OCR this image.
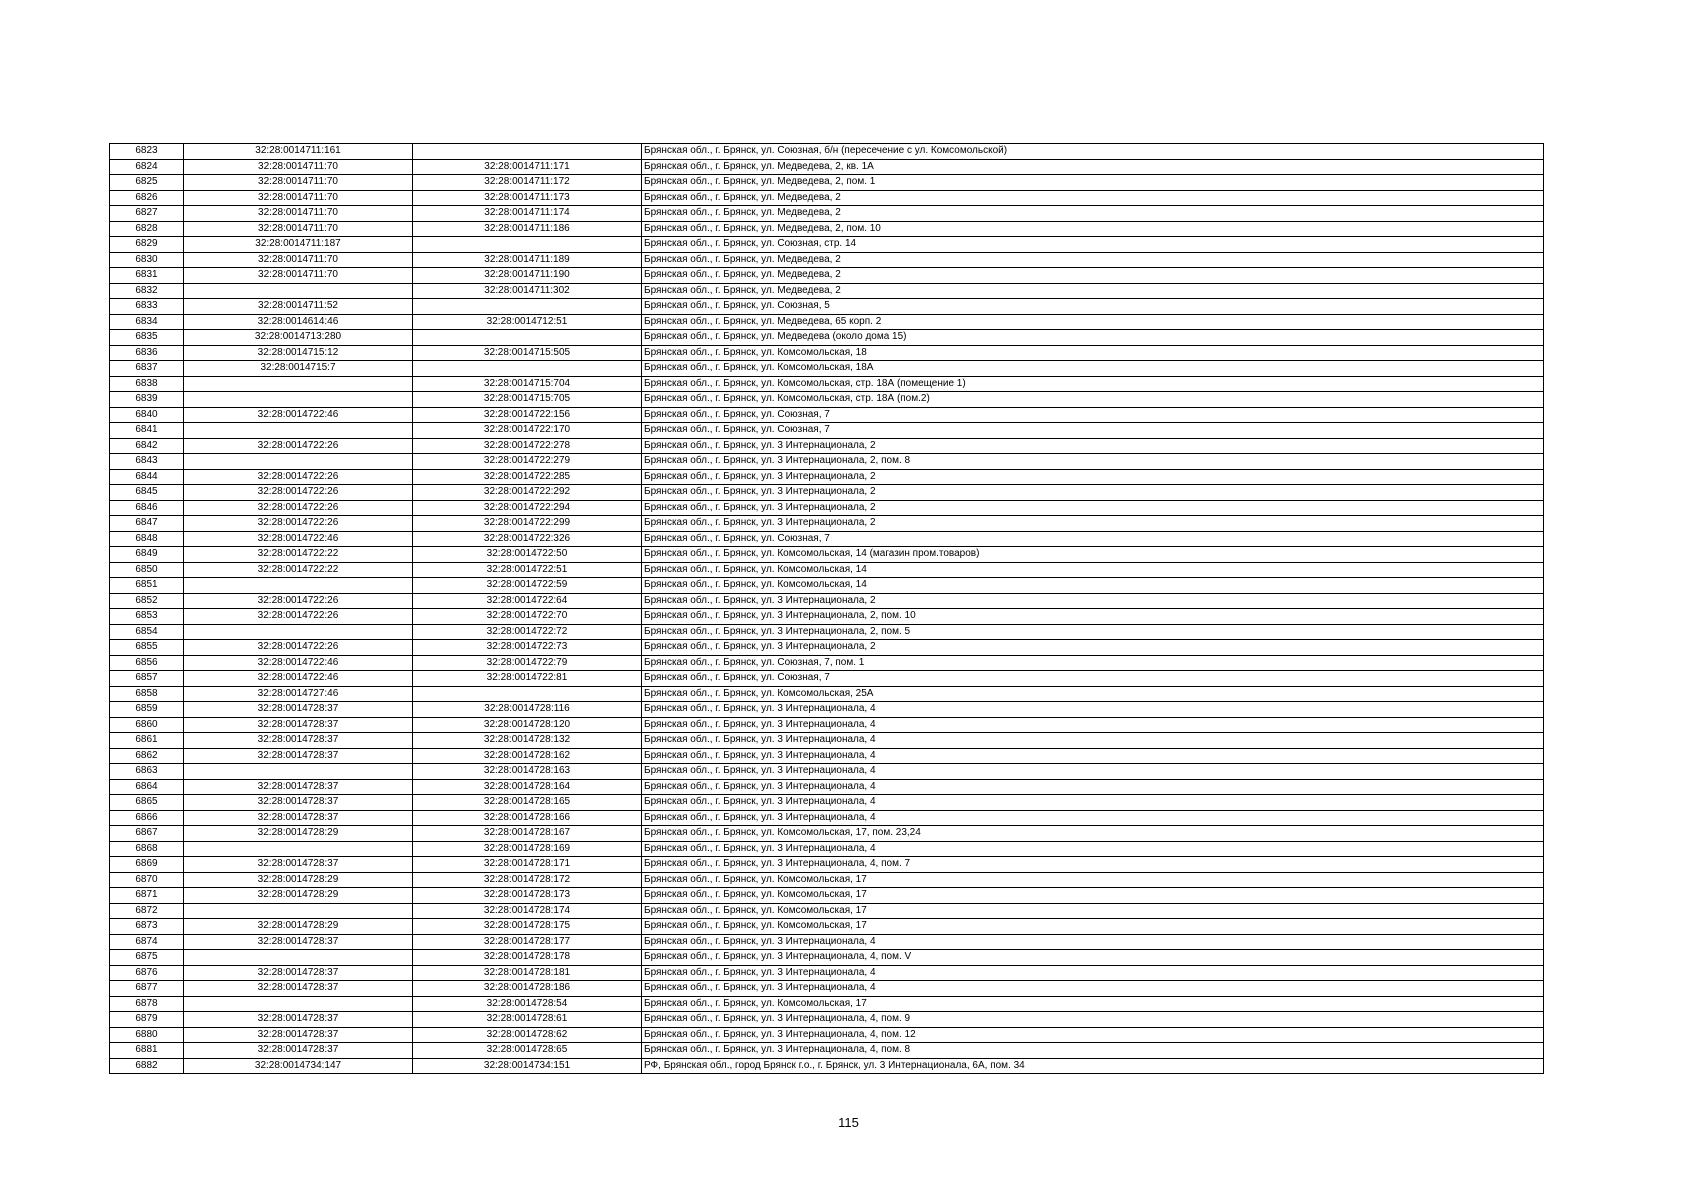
6823	32:28:0014711:161		Брянская обл., г. Брянск, ул. Союзная, б/н (пересечение с ул. Комсомольской)
6824	32:28:0014711:70	32:28:0014711:171	Брянская обл., г. Брянск, ул. Медведева, 2, кв. 1А
6825	32:28:0014711:70	32:28:0014711:172	Брянская обл., г. Брянск, ул. Медведева, 2, пом. 1
6826	32:28:0014711:70	32:28:0014711:173	Брянская обл., г. Брянск, ул. Медведева, 2
6827	32:28:0014711:70	32:28:0014711:174	Брянская обл., г. Брянск, ул. Медведева, 2
6828	32:28:0014711:70	32:28:0014711:186	Брянская обл., г. Брянск, ул. Медведева, 2, пом. 10
6829	32:28:0014711:187		Брянская обл., г. Брянск, ул. Союзная, стр. 14
6830	32:28:0014711:70	32:28:0014711:189	Брянская обл., г. Брянск, ул. Медведева, 2
6831	32:28:0014711:70	32:28:0014711:190	Брянская обл., г. Брянск, ул. Медведева, 2
6832		32:28:0014711:302	Брянская обл., г. Брянск, ул. Медведева, 2
6833	32:28:0014711:52		Брянская обл., г. Брянск, ул. Союзная, 5
6834	32:28:0014614:46	32:28:0014712:51	Брянская обл., г. Брянск, ул. Медведева, 65 корп. 2
6835	32:28:0014713:280		Брянская обл., г. Брянск, ул. Медведева (около дома 15)
6836	32:28:0014715:12	32:28:0014715:505	Брянская обл., г. Брянск, ул. Комсомольская, 18
6837	32:28:0014715:7		Брянская обл., г. Брянск, ул. Комсомольская, 18А
6838		32:28:0014715:704	Брянская обл., г. Брянск, ул. Комсомольская, стр. 18А (помещение 1)
6839		32:28:0014715:705	Брянская обл., г. Брянск, ул. Комсомольская, стр. 18А (пом.2)
6840	32:28:0014722:46	32:28:0014722:156	Брянская обл., г. Брянск, ул. Союзная, 7
6841		32:28:0014722:170	Брянская обл., г. Брянск, ул. Союзная, 7
6842	32:28:0014722:26	32:28:0014722:278	Брянская обл., г. Брянск, ул. 3 Интернационала, 2
6843		32:28:0014722:279	Брянская обл., г. Брянск, ул. 3 Интернационала, 2, пом. 8
6844	32:28:0014722:26	32:28:0014722:285	Брянская обл., г. Брянск, ул. 3 Интернационала, 2
6845	32:28:0014722:26	32:28:0014722:292	Брянская обл., г. Брянск, ул. 3 Интернационала, 2
6846	32:28:0014722:26	32:28:0014722:294	Брянская обл., г. Брянск, ул. 3 Интернационала, 2
6847	32:28:0014722:26	32:28:0014722:299	Брянская обл., г. Брянск, ул. 3 Интернационала, 2
6848	32:28:0014722:46	32:28:0014722:326	Брянская обл., г. Брянск, ул. Союзная, 7
6849	32:28:0014722:22	32:28:0014722:50	Брянская обл., г. Брянск, ул. Комсомольская, 14 (магазин пром.товаров)
6850	32:28:0014722:22	32:28:0014722:51	Брянская обл., г. Брянск, ул. Комсомольская, 14
6851		32:28:0014722:59	Брянская обл., г. Брянск, ул. Комсомольская, 14
6852	32:28:0014722:26	32:28:0014722:64	Брянская обл., г. Брянск, ул. 3 Интернационала, 2
6853	32:28:0014722:26	32:28:0014722:70	Брянская обл., г. Брянск, ул. 3 Интернационала, 2, пом. 10
6854		32:28:0014722:72	Брянская обл., г. Брянск, ул. 3 Интернационала, 2, пом. 5
6855	32:28:0014722:26	32:28:0014722:73	Брянская обл., г. Брянск, ул. 3 Интернационала, 2
6856	32:28:0014722:46	32:28:0014722:79	Брянская обл., г. Брянск, ул. Союзная, 7, пом. 1
6857	32:28:0014722:46	32:28:0014722:81	Брянская обл., г. Брянск, ул. Союзная, 7
6858	32:28:0014727:46		Брянская обл., г. Брянск, ул. Комсомольская, 25А
6859	32:28:0014728:37	32:28:0014728:116	Брянская обл., г. Брянск, ул. 3 Интернационала, 4
6860	32:28:0014728:37	32:28:0014728:120	Брянская обл., г. Брянск, ул. 3 Интернационала, 4
6861	32:28:0014728:37	32:28:0014728:132	Брянская обл., г. Брянск, ул. 3 Интернационала, 4
6862	32:28:0014728:37	32:28:0014728:162	Брянская обл., г. Брянск, ул. 3 Интернационала, 4
6863		32:28:0014728:163	Брянская обл., г. Брянск, ул. 3 Интернационала, 4
6864	32:28:0014728:37	32:28:0014728:164	Брянская обл., г. Брянск, ул. 3 Интернационала, 4
6865	32:28:0014728:37	32:28:0014728:165	Брянская обл., г. Брянск, ул. 3 Интернационала, 4
6866	32:28:0014728:37	32:28:0014728:166	Брянская обл., г. Брянск, ул. 3 Интернационала, 4
6867	32:28:0014728:29	32:28:0014728:167	Брянская обл., г. Брянск, ул. Комсомольская, 17, пом. 23,24
6868		32:28:0014728:169	Брянская обл., г. Брянск, ул. 3 Интернационала, 4
6869	32:28:0014728:37	32:28:0014728:171	Брянская обл., г. Брянск, ул. 3 Интернационала, 4, пом. 7
6870	32:28:0014728:29	32:28:0014728:172	Брянская обл., г. Брянск, ул. Комсомольская, 17
6871	32:28:0014728:29	32:28:0014728:173	Брянская обл., г. Брянск, ул. Комсомольская, 17
6872		32:28:0014728:174	Брянская обл., г. Брянск, ул. Комсомольская, 17
6873	32:28:0014728:29	32:28:0014728:175	Брянская обл., г. Брянск, ул. Комсомольская, 17
6874	32:28:0014728:37	32:28:0014728:177	Брянская обл., г. Брянск, ул. 3 Интернационала, 4
6875		32:28:0014728:178	Брянская обл., г. Брянск, ул. 3 Интернационала, 4, пом. V
6876	32:28:0014728:37	32:28:0014728:181	Брянская обл., г. Брянск, ул. 3 Интернационала, 4
6877	32:28:0014728:37	32:28:0014728:186	Брянская обл., г. Брянск, ул. 3 Интернационала, 4
6878		32:28:0014728:54	Брянская обл., г. Брянск, ул. Комсомольская, 17
6879	32:28:0014728:37	32:28:0014728:61	Брянская обл., г. Брянск, ул. 3 Интернационала, 4, пом. 9
6880	32:28:0014728:37	32:28:0014728:62	Брянская обл., г. Брянск, ул. 3 Интернационала, 4, пом. 12
6881	32:28:0014728:37	32:28:0014728:65	Брянская обл., г. Брянск, ул. 3 Интернационала, 4, пом. 8
6882	32:28:0014734:147	32:28:0014734:151	РФ, Брянская обл., город Брянск г.о., г. Брянск, ул. 3 Интернационала, 6А, пом. 34
115
